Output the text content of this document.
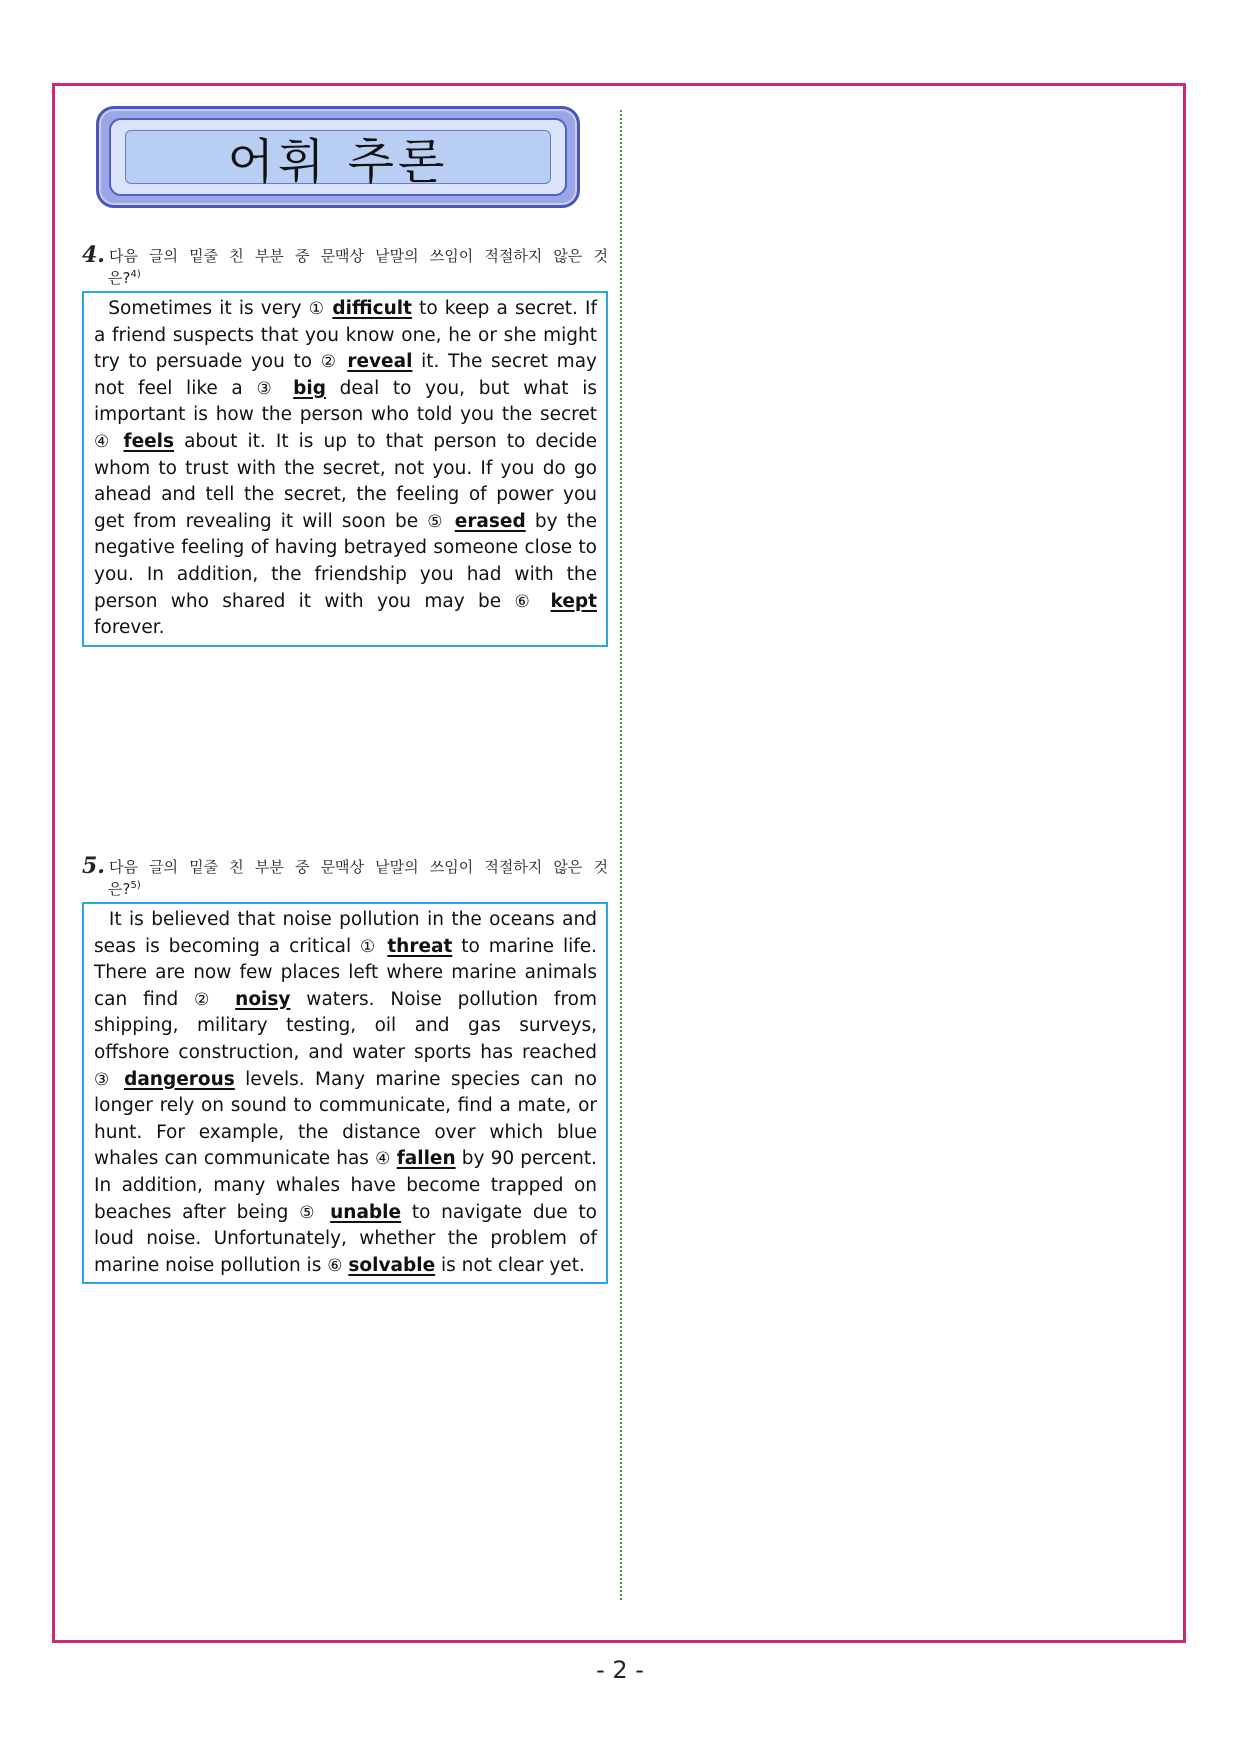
어휘 추론
4. 다음 글의 밑줄 친 부분 중 문맥상 낱말의 쓰임이 적절하지 않은 것
은?$^{4)}$
Sometimes it is very ① difficult to keep a secret. If a friend suspects that you know one, he or she might try to persuade you to ② reveal it. The secret may not feel like a ③ big deal to you, but what is important is how the person who told you the secret ④ feels about it. It is up to that person to decide whom to trust with the secret, not you. If you do go ahead and tell the secret, the feeling of power you get from revealing it will soon be ⑤ erased by the negative feeling of having betrayed someone close to you. In addition, the friendship you had with the person who shared it with you may be ⑥ kept forever.
5. 다음 글의 밑줄 친 부분 중 문맥상 낱말의 쓰임이 적절하지 않은 것
은?$^{5)}$
It is believed that noise pollution in the oceans and seas is becoming a critical ① threat to marine life. There are now few places left where marine animals can find ② noisy waters. Noise pollution from shipping, military testing, oil and gas surveys, offshore construction, and water sports has reached ③ dangerous levels. Many marine species can no longer rely on sound to communicate, find a mate, or hunt. For example, the distance over which blue whales can communicate has ④ fallen by 90 percent. In addition, many whales have become trapped on beaches after being ⑤ unable to navigate due to loud noise. Unfortunately, whether the problem of marine noise pollution is ⑥ solvable is not clear yet.
- 2 -
